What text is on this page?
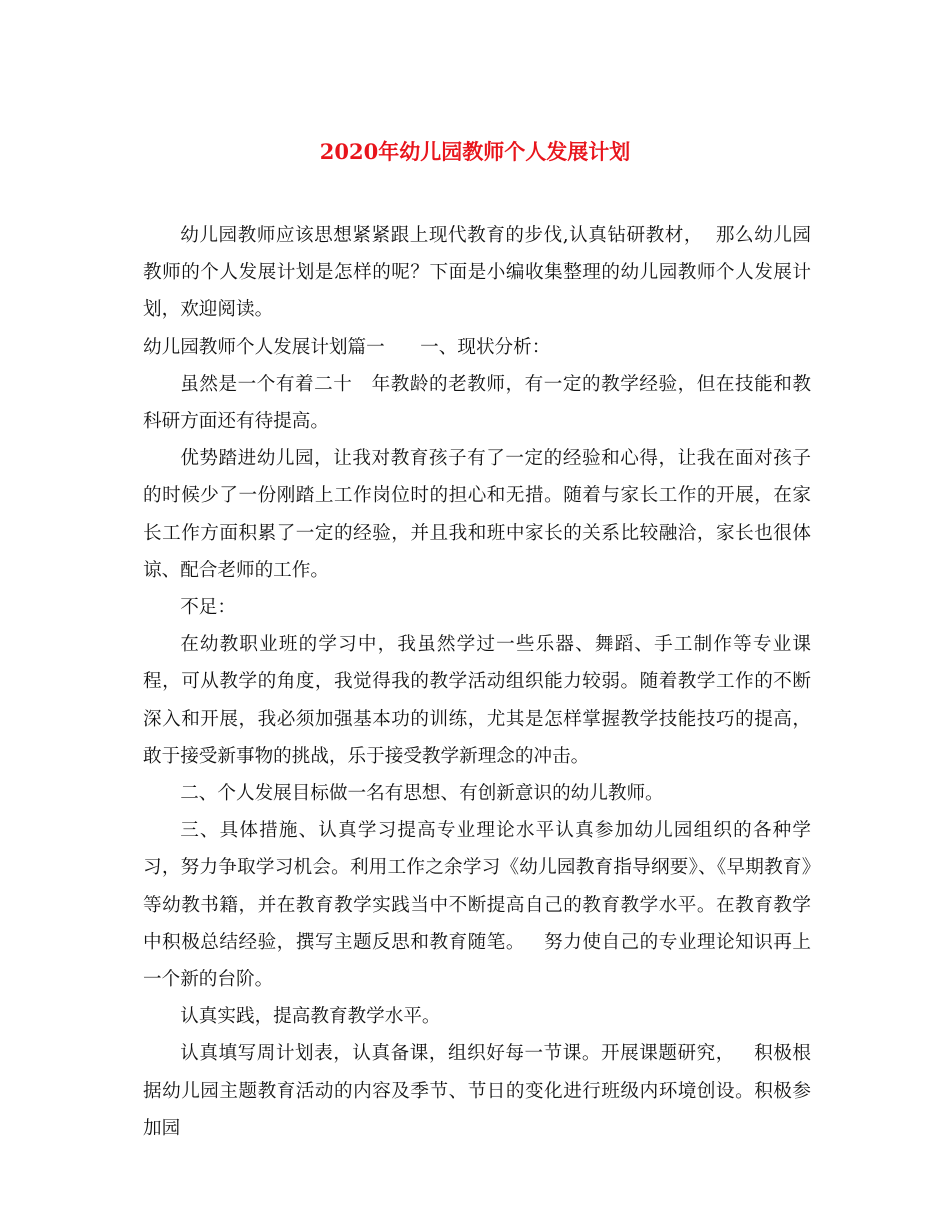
2020年幼儿园教师个人发展计划

幼儿园教师应该思想紧紧跟上现代教育的步伐,认真钻研教材，  那么幼儿园教师的个人发展计划是怎样的呢？下面是小编收集整理的幼儿园教师个人发展计划，欢迎阅读。

幼儿园教师个人发展计划篇一      一、现状分析：

虽然是一个有着二十   年教龄的老教师，有一定的教学经验，但在技能和教科研方面还有待提高。

优势踏进幼儿园，让我对教育孩子有了一定的经验和心得，让我在面对孩子的时候少了一份刚踏上工作岗位时的担心和无措。随着与家长工作的开展，在家长工作方面积累了一定的经验，并且我和班中家长的关系比较融洽，家长也很体谅、配合老师的工作。

不足：

在幼教职业班的学习中，我虽然学过一些乐器、舞蹈、手工制作等专业课程，可从教学的角度，我觉得我的教学活动组织能力较弱。随着教学工作的不断深入和开展，我必须加强基本功的训练，尤其是怎样掌握教学技能技巧的提高，敢于接受新事物的挑战，乐于接受教学新理念的冲击。

二、个人发展目标做一名有思想、有创新意识的幼儿教师。

三、具体措施、认真学习提高专业理论水平认真参加幼儿园组织的各种学习，努力争取学习机会。利用工作之余学习《幼儿园教育指导纲要》、《早期教育》等幼教书籍，并在教育教学实践当中不断提高自己的教育教学水平。在教育教学中积极总结经验，撰写主题反思和教育随笔。   努力使自己的专业理论知识再上一个新的台阶。

认真实践，提高教育教学水平。

认真填写周计划表，认真备课，组织好每一节课。开展课题研究，   积极根据幼儿园主题教育活动的内容及季节、节日的变化进行班级内环境创设。积极参加园
